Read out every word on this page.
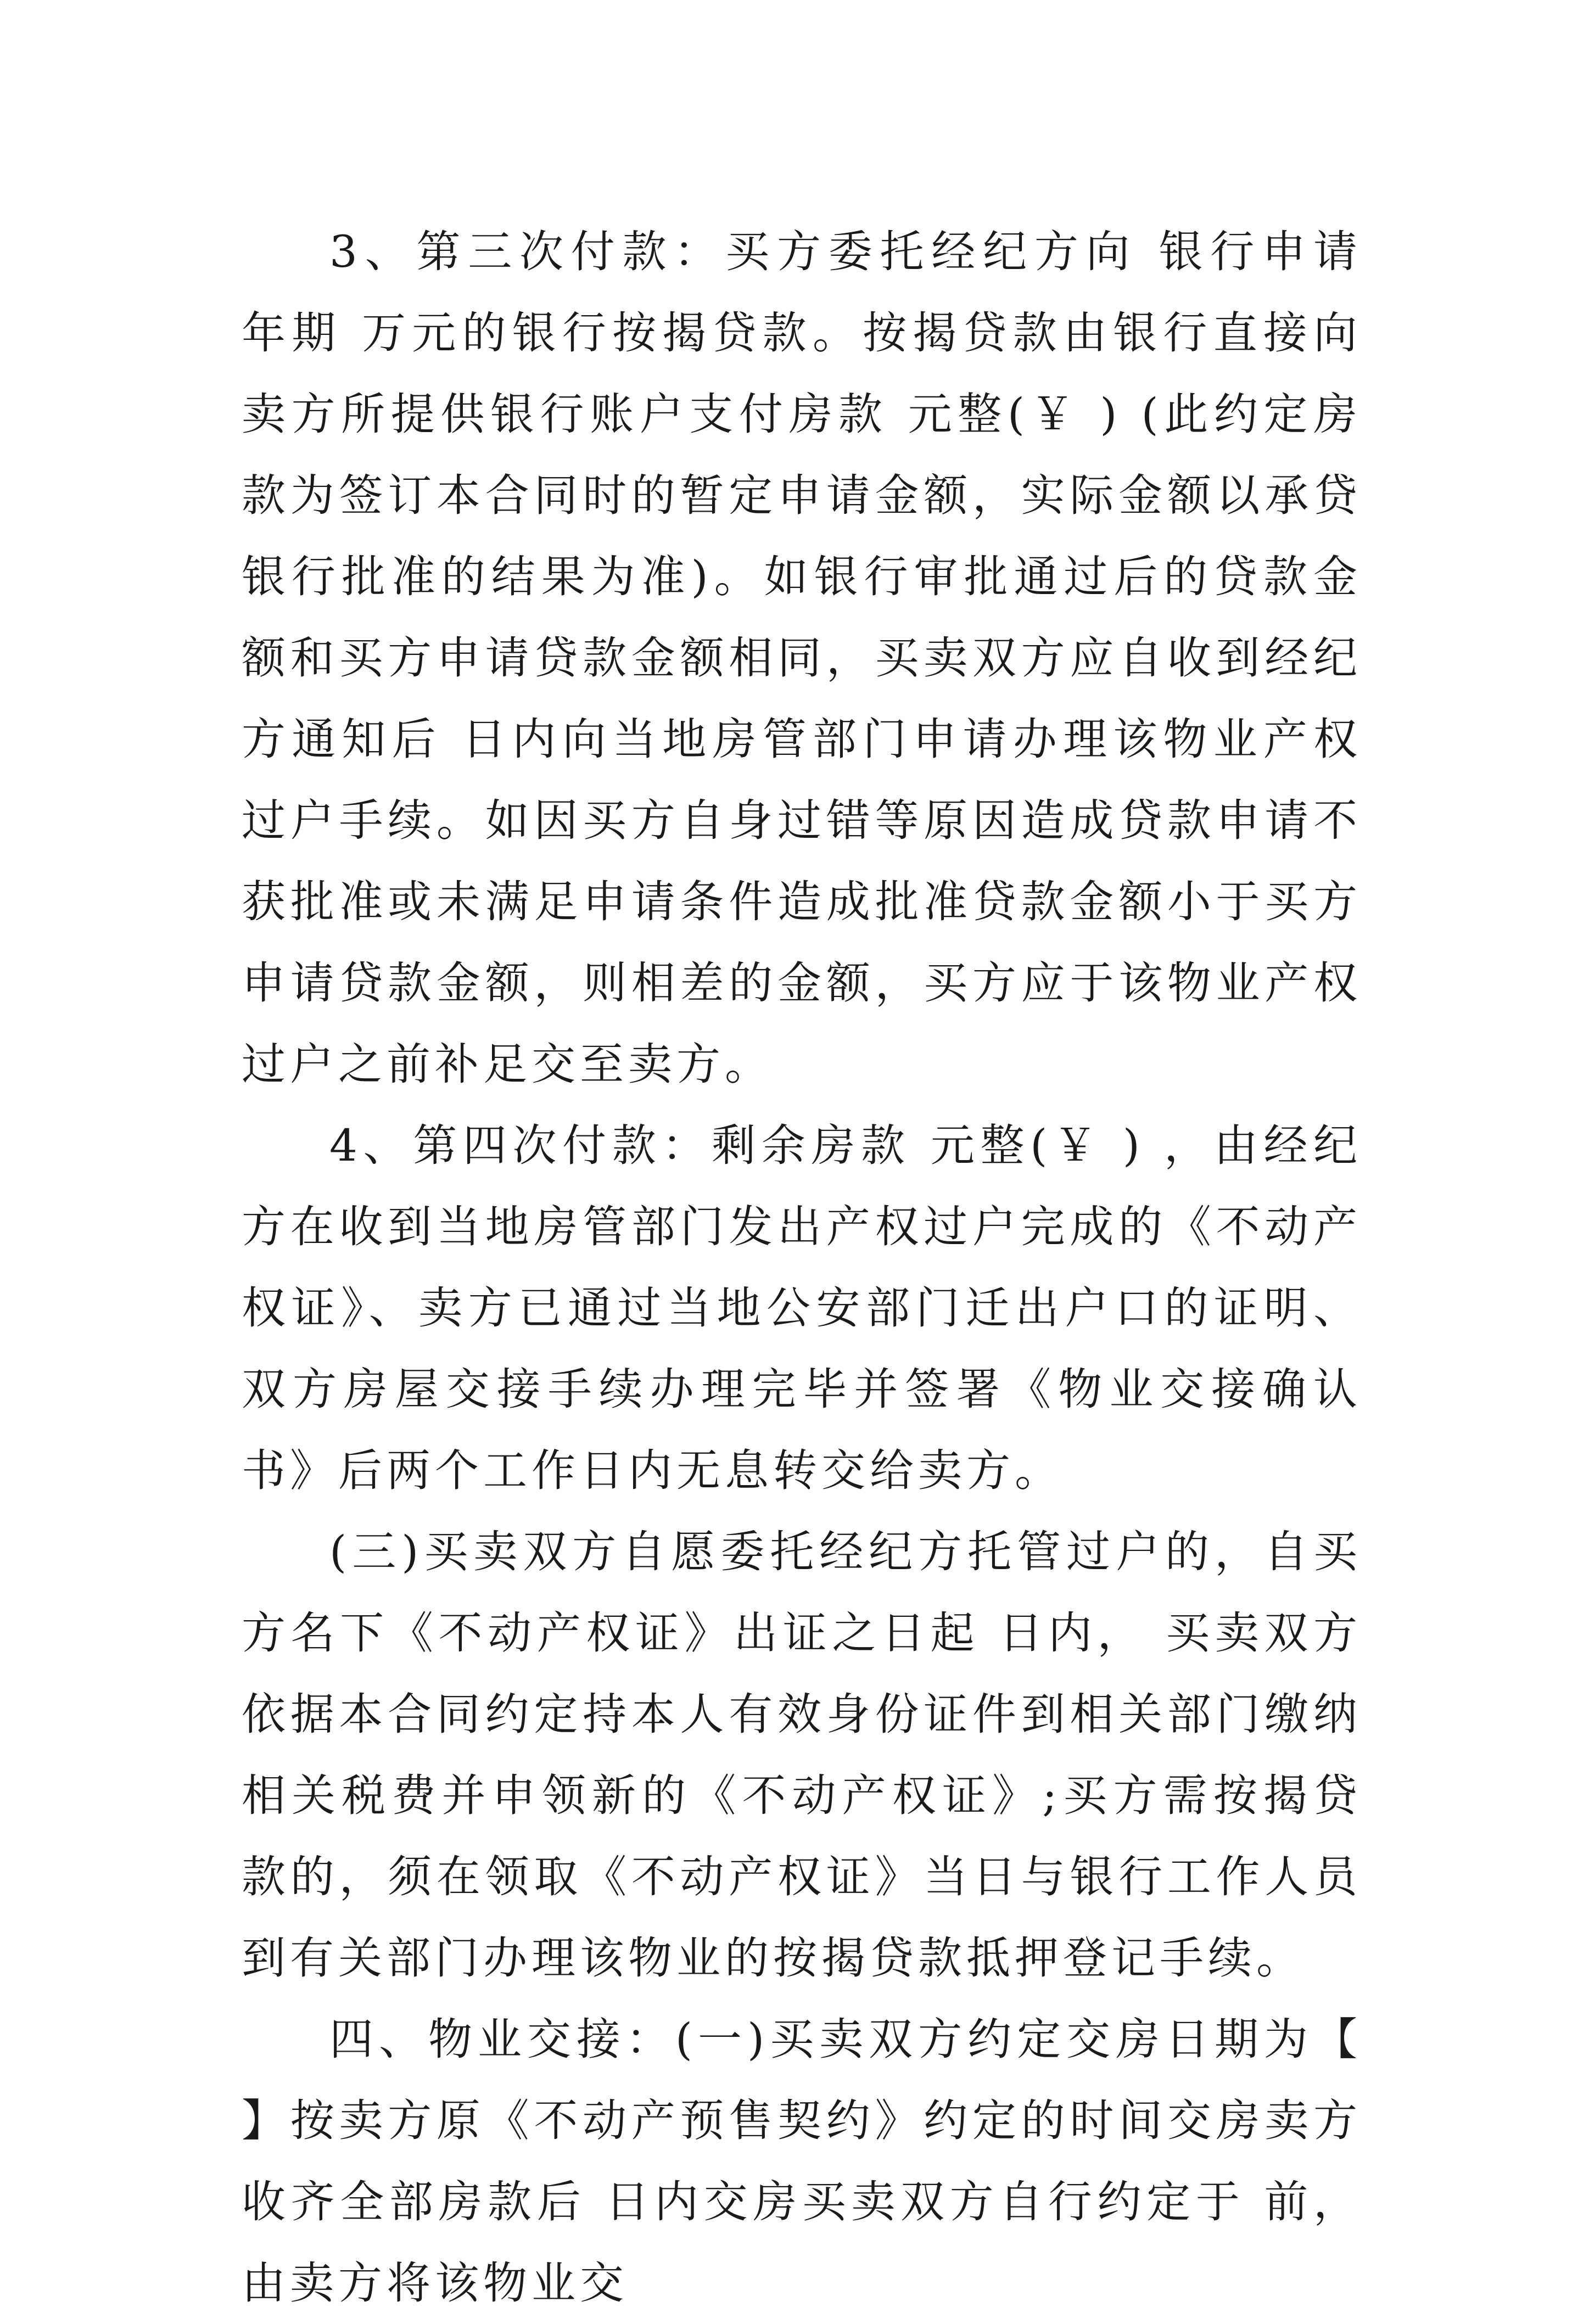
3、第三次付款：买方委托经纪方向 银行申请 年期 万元的银行按揭贷款。按揭贷款由银行直接向卖方所提供银行账户支付房款 元整(￥ ) (此约定房款为签订本合同时的暂定申请金额，实际金额以承贷银行批准的结果为准)。如银行审批通过后的贷款金额和买方申请贷款金额相同，买卖双方应自收到经纪方通知后 日内向当地房管部门申请办理该物业产权过户手续。如因买方自身过错等原因造成贷款申请不获批准或未满足申请条件造成批准贷款金额小于买方申请贷款金额，则相差的金额，买方应于该物业产权过户之前补足交至卖方。

4、第四次付款：剩余房款 元整(￥ ) ，由经纪方在收到当地房管部门发出产权过户完成的《不动产权证》、卖方已通过当地公安部门迁出户口的证明、双方房屋交接手续办理完毕并签署《物业交接确认书》后两个工作日内无息转交给卖方。

(三)买卖双方自愿委托经纪方托管过户的，自买方名下《不动产权证》出证之日起 日内， 买卖双方依据本合同约定持本人有效身份证件到相关部门缴纳相关税费并申领新的《不动产权证》;买方需按揭贷款的，须在领取《不动产权证》当日与银行工作人员到有关部门办理该物业的按揭贷款抵押登记手续。

四、物业交接：(一)买卖双方约定交房日期为【 】按卖方原《不动产预售契约》约定的时间交房卖方收齐全部房款后 日内交房买卖双方自行约定于 前，由卖方将该物业交
